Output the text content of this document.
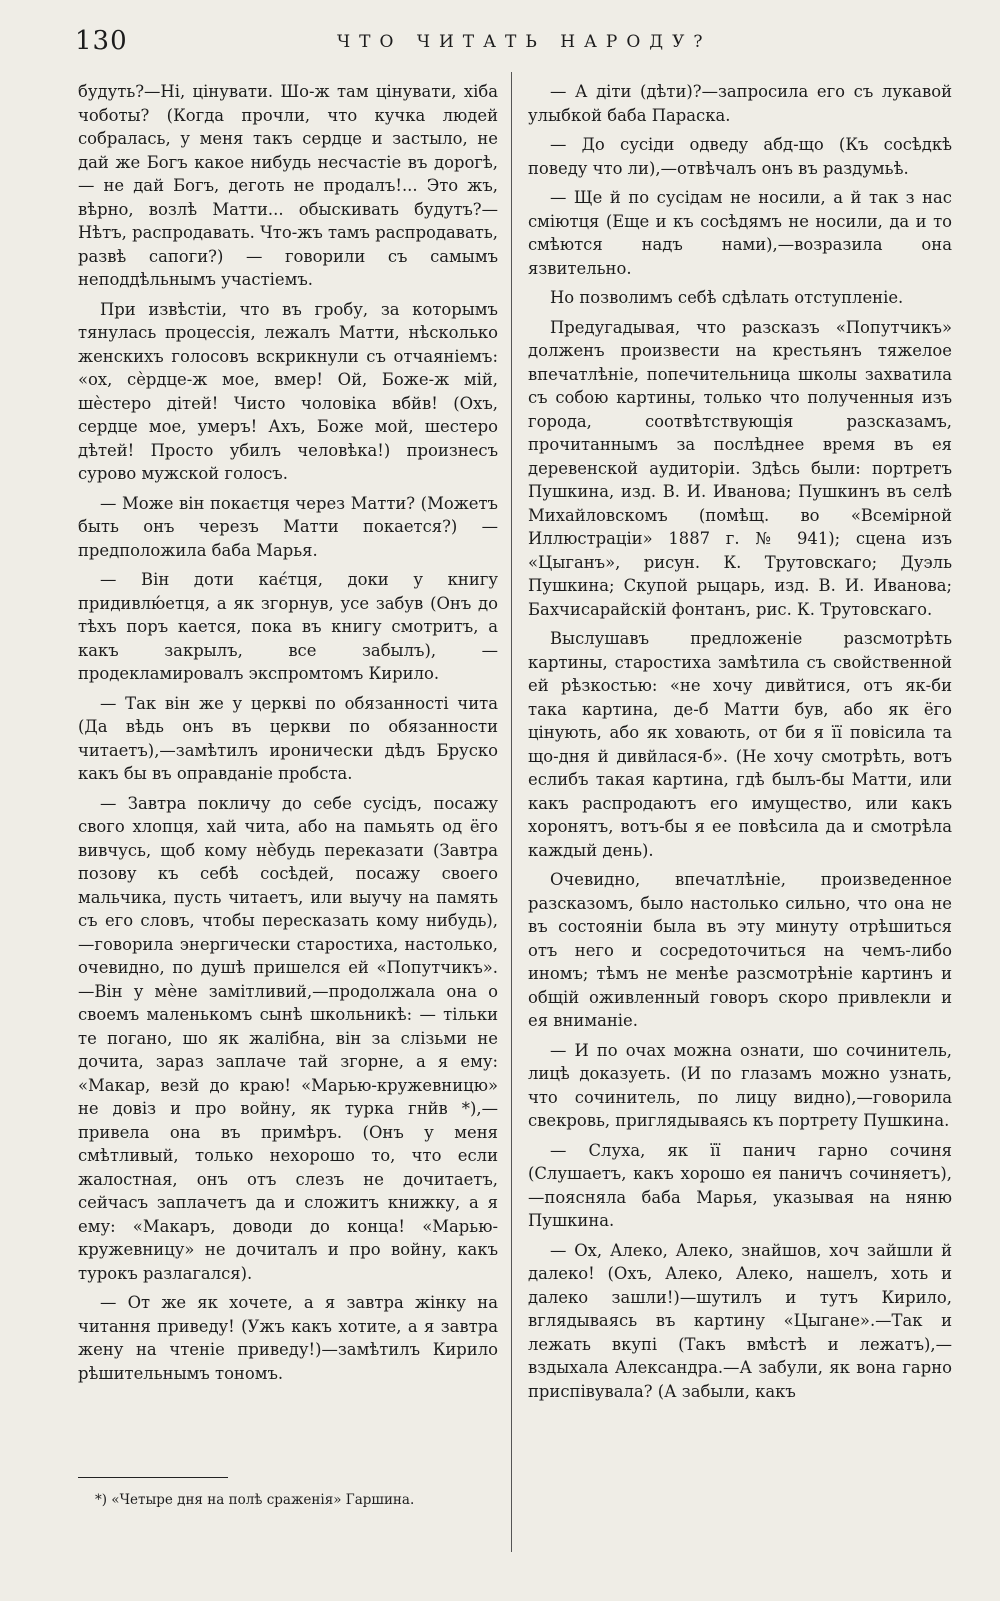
130	ЧТО ЧИТАТЬ НАРОДУ?

будуть?—Ні, цінувати. Шо-ж там цінувати, хіба чоботы? (Когда прочли, что кучка людей собралась, у меня такъ сердце и застыло, не дай же Богъ какое нибудь несчастіе въ дорогѣ, — не дай Богъ, деготь не продалъ!... Это жъ, вѣрно, возлѣ Матти... обыскивать будутъ?—Нѣтъ, распродавать. Что-жъ тамъ распродавать, развѣ сапоги?) — говорили съ самымъ неподдѣльнымъ участіемъ.

При извѣстіи, что въ гробу, за которымъ тянулась процессія, лежалъ Матти, нѣсколько женскихъ голосовъ вскрикнули съ отчаяніемъ: «ох, сѐрдце-ж мое, вмер! Ой, Боже-ж мій, шѐстеро дітей! Чисто чоловіка вбйв! (Охъ, сердце мое, умеръ! Ахъ, Боже мой, шестеро дѣтей! Просто убилъ человѣка!) произнесъ сурово мужской голосъ.

— Може він покаєтця через Матти? (Можетъ быть онъ черезъ Матти покается?) — предположила баба Марья.

— Він доти кає́тця, доки у книгу придивлю́етця, а як згорнув, усе забув (Онъ до тѣхъ поръ кается, пока въ книгу смотритъ, а какъ закрылъ, все забылъ), —продекламировалъ экспромтомъ Кирило.

— Так він же у церкві по обязанності чита (Да вѣдь онъ въ церкви по обязанности читаетъ),—замѣтилъ иронически дѣдъ Бруско какъ бы въ оправданіе пробста.

— Завтра покличу до себе сусідъ, посажу свого хлопця, хай чита, або на памьять од ёго вивчусь, щоб кому нѐбудь переказати (Завтра позову къ себѣ сосѣдей, посажу своего мальчика, пусть читаетъ, или выучу на память съ его словъ, чтобы пересказать кому нибудь),—говорила энергически старостиха, настолько, очевидно, по душѣ пришелся ей «Попутчикъ».—Він у мѐне замітливий,—продолжала она о своемъ маленькомъ сынѣ школьникѣ: — тільки те погано, шо як жалібна, він за слізьми не дочита, зараз заплаче тай згорне, а я ему: «Макар, везй до краю! «Марью-кружевницю» не довіз и про войну, як турка гнйв *),—привела она въ примѣръ. (Онъ у меня смѣтливый, только нехорошо то, что если жалостная, онъ отъ слезъ не дочитаетъ, сейчасъ заплачетъ да и сложитъ книжку, а я ему: «Макаръ, доводи до конца! «Марью-кружевницу» не дочиталъ и про войну, какъ турокъ разлагался).

— От же як хочете, а я завтра жінку на читання приведу! (Ужъ какъ хотите, а я завтра жену на чтеніе приведу!)—замѣтилъ Кирило рѣшительнымъ тономъ.

— А діти (дѣти)?—запросила его съ лукавой улыбкой баба Параска.

— До сусіди одведу абд-що (Къ сосѣдкѣ поведу что ли),—отвѣчалъ онъ въ раздумьѣ.

— Ще й по сусідам не носили, а й так з нас сміютця (Еще и къ сосѣдямъ не носили, да и то смѣются надъ нами),—возразила она язвительно.

Но позволимъ себѣ сдѣлать отступленіе.

Предугадывая, что разсказъ «Попутчикъ» долженъ произвести на крестьянъ тяжелое впечатлѣніе, попечительница школы захватила съ собою картины, только что полученныя изъ города, соотвѣтствующія разсказамъ, прочитаннымъ за послѣднее время въ ея деревенской аудиторіи. Здѣсь были: портретъ Пушкина, изд. В. И. Иванова; Пушкинъ въ селѣ Михайловскомъ (помѣщ. во «Всемірной Иллюстраціи» 1887 г. № 941); сцена изъ «Цыганъ», рисун. К. Трутовскаго; Дуэль Пушкина; Скупой рыцарь, изд. В. И. Иванова; Бахчисарайскій фонтанъ, рис. К. Трутовскаго.

Выслушавъ предложеніе разсмотрѣть картины, старостиха замѣтила съ свойственной ей рѣзкостью: «не хочу дивйтися, отъ як-би така картина, де-б Матти був, або як ёго цінують, або як ховають, от би я її повісила та що-дня й дивйлася-б». (Не хочу смотрѣть, вотъ еслибъ такая картина, гдѣ былъ-бы Матти, или какъ распродаютъ его имущество, или какъ хоронятъ, вотъ-бы я ее повѣсила да и смотрѣла каждый день).

Очевидно, впечатлѣніе, произведенное разсказомъ, было настолько сильно, что она не въ состояніи была въ эту минуту отрѣшиться отъ него и сосредоточиться на чемъ-либо иномъ; тѣмъ не менѣе разсмотрѣніе картинъ и общій оживленный говоръ скоро привлекли и ея вниманіе.

— И по очах можна ознати, шо сочинитель, лицѣ доказуеть. (И по глазамъ можно узнать, что сочинитель, по лицу видно),—говорила свекровь, приглядываясь къ портрету Пушкина.

— Слуха, як її панич гарно сочиня (Слушаетъ, какъ хорошо ея паничъ сочиняетъ),—поясняла баба Марья, указывая на няню Пушкина.

— Ох, Алеко, Алеко, знайшов, хоч зайшли й далеко! (Охъ, Алеко, Алеко, нашелъ, хоть и далеко зашли!)—шутилъ и тутъ Кирило, вглядываясь въ картину «Цыгане».—Так и лежать вкупі (Такъ вмѣстѣ и лежатъ),—вздыхала Александра.—А забули, як вона гарно приспівувала? (А забыли, какъ

*) «Четыре дня на полѣ сраженія» Гаршина.
